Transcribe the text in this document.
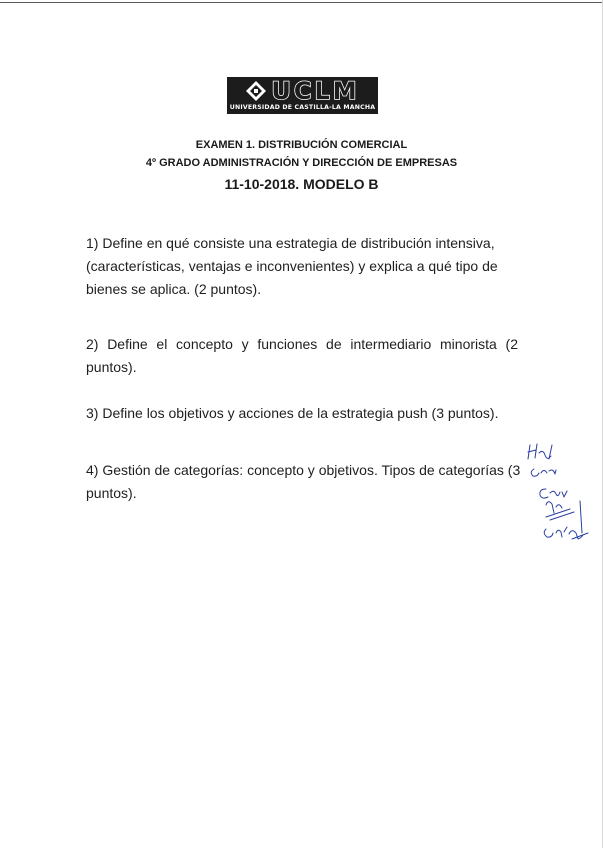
UCLM
UNIVERSIDAD DE CASTILLA-LA MANCHA
EXAMEN 1. DISTRIBUCIÓN COMERCIAL
4º GRADO ADMINISTRACIÓN Y DIRECCIÓN DE EMPRESAS
11-10-2018. MODELO B
1) Define en qué consiste una estrategia de distribución intensiva, (características, ventajas e inconvenientes) y explica a qué tipo de bienes se aplica. (2 puntos).
2) Define el concepto y funciones de intermediario minorista (2 puntos).
3) Define los objetivos y acciones de la estrategia push (3 puntos).
4) Gestión de categorías: concepto y objetivos. Tipos de categorías (3 puntos).
